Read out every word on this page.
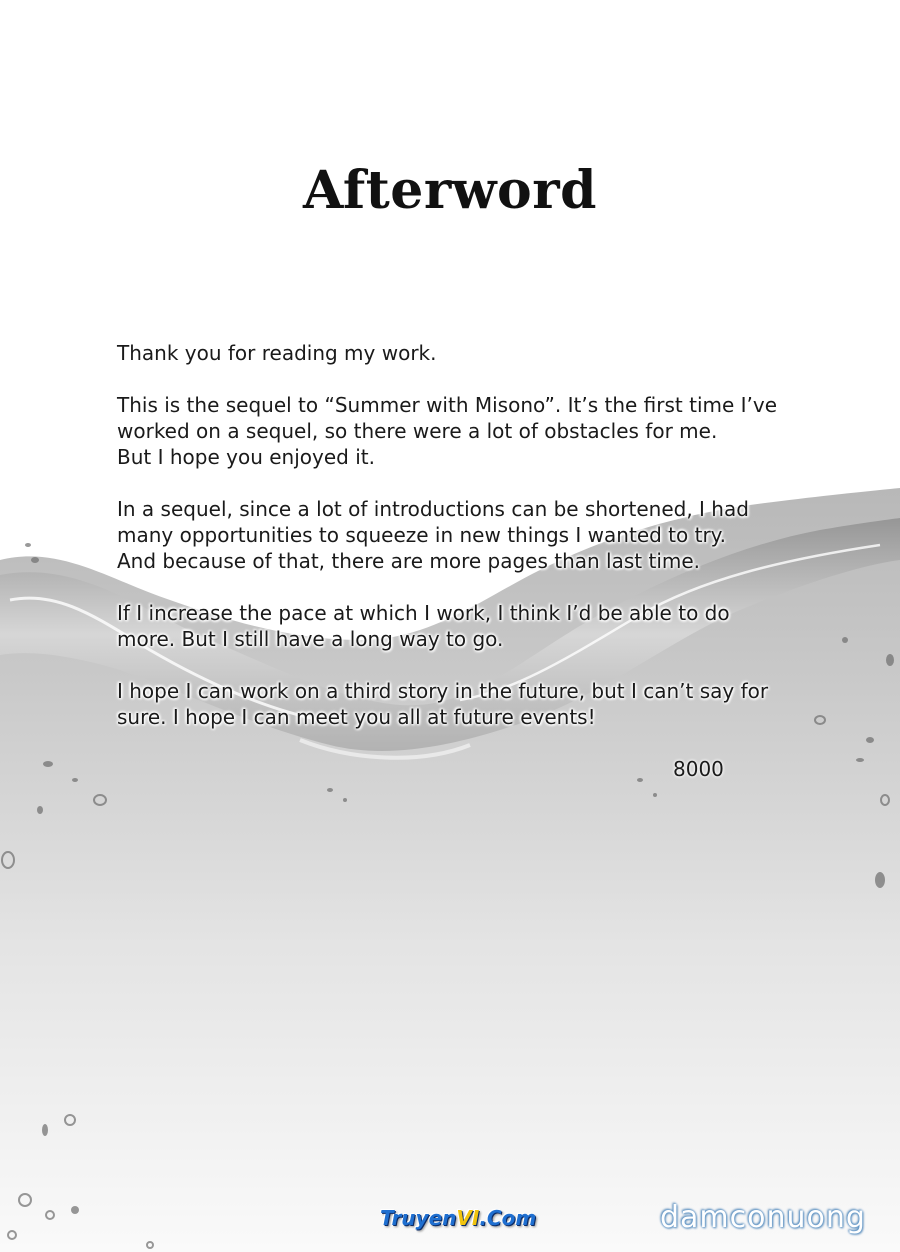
Afterword

Thank you for reading my work.

This is the sequel to “Summer with Misono”. It’s the first time I’ve
worked on a sequel, so there were a lot of obstacles for me.
But I hope you enjoyed it.

In a sequel, since a lot of introductions can be shortened, I had
many opportunities to squeeze in new things I wanted to try.
And because of that, there are more pages than last time.

If I increase the pace at which I work, I think I’d be able to do
more. But I still have a long way to go.

I hope I can work on a third story in the future, but I can’t say for
sure. I hope I can meet you all at future events!

8000
TruyenVI.Com	damconuong
